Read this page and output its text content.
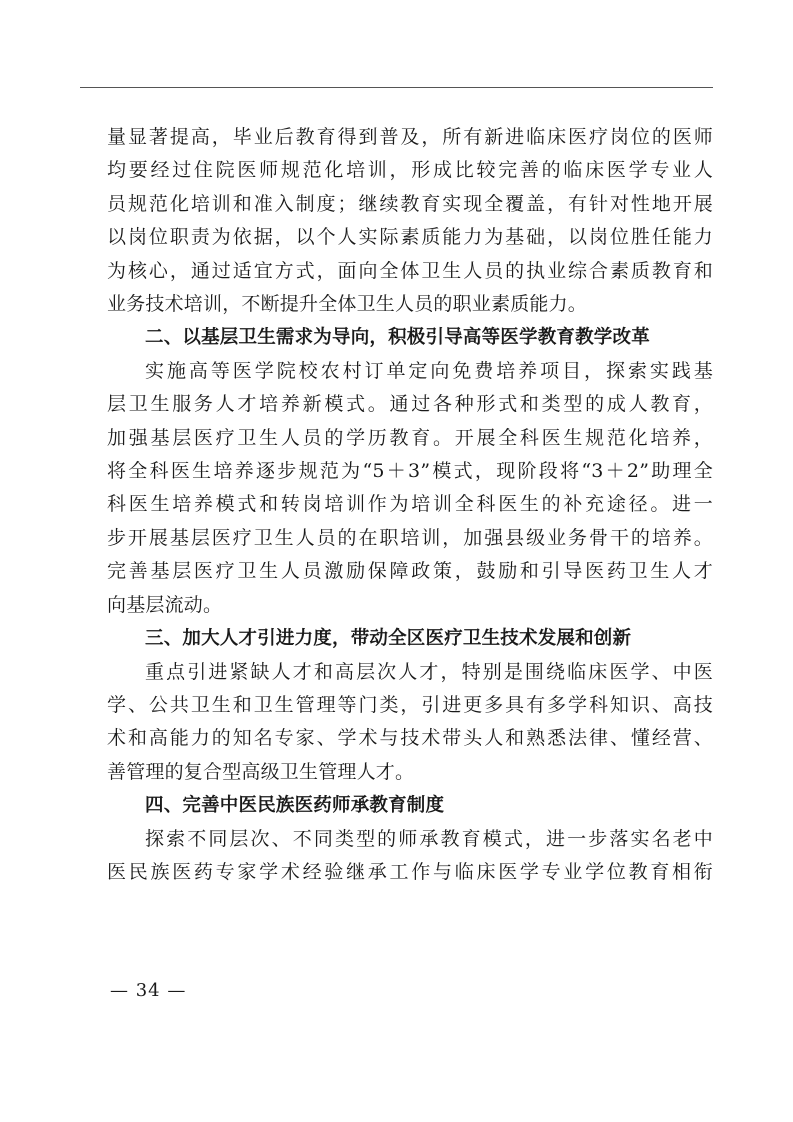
量显著提高，毕业后教育得到普及，所有新进临床医疗岗位的医师

均要经过住院医师规范化培训，形成比较完善的临床医学专业人

员规范化培训和准入制度；继续教育实现全覆盖，有针对性地开展

以岗位职责为依据，以个人实际素质能力为基础，以岗位胜任能力

为核心，通过适宜方式，面向全体卫生人员的执业综合素质教育和

业务技术培训，不断提升全体卫生人员的职业素质能力。

二、以基层卫生需求为导向，积极引导高等医学教育教学改革

实施高等医学院校农村订单定向免费培养项目，探索实践基

层卫生服务人才培养新模式。通过各种形式和类型的成人教育，

加强基层医疗卫生人员的学历教育。开展全科医生规范化培养，

将全科医生培养逐步规范为“5＋3”模式，现阶段将“3＋2”助理全

科医生培养模式和转岗培训作为培训全科医生的补充途径。进一

步开展基层医疗卫生人员的在职培训，加强县级业务骨干的培养。

完善基层医疗卫生人员激励保障政策，鼓励和引导医药卫生人才

向基层流动。

三、加大人才引进力度，带动全区医疗卫生技术发展和创新

重点引进紧缺人才和高层次人才，特别是围绕临床医学、中医

学、公共卫生和卫生管理等门类，引进更多具有多学科知识、高技

术和高能力的知名专家、学术与技术带头人和熟悉法律、懂经营、

善管理的复合型高级卫生管理人才。

四、完善中医民族医药师承教育制度

探索不同层次、不同类型的师承教育模式，进一步落实名老中

医民族医药专家学术经验继承工作与临床医学专业学位教育相衔

— 34 —
